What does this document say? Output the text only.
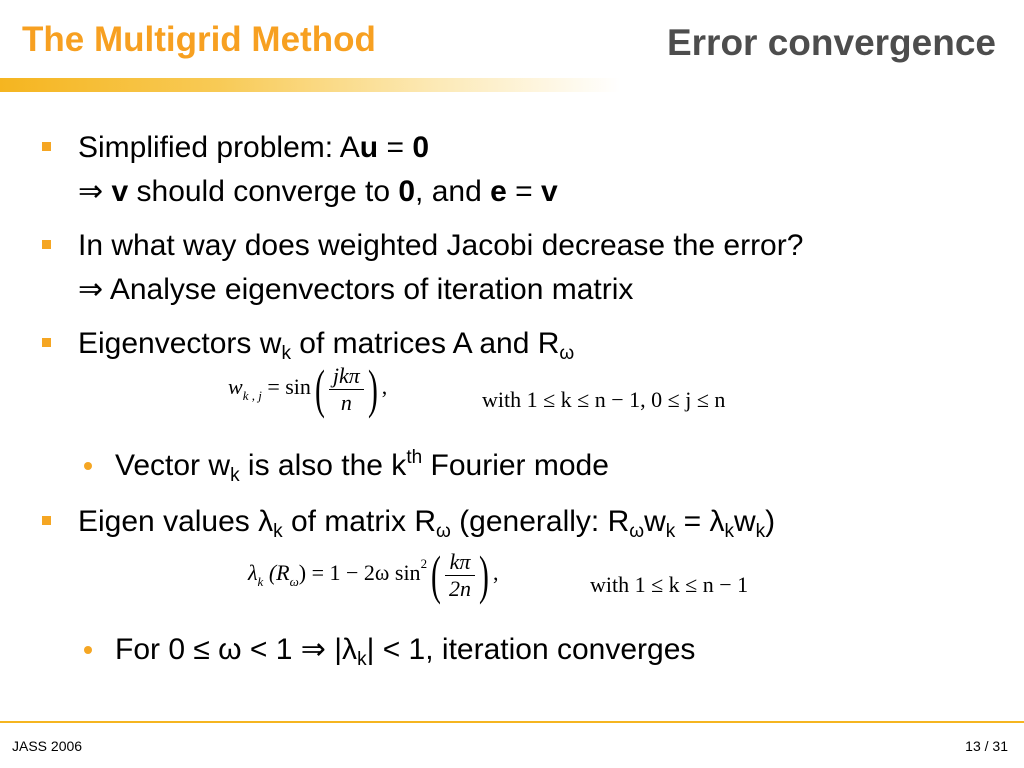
The Multigrid Method	Error convergence
Simplified problem: Au = 0
⇒ v should converge to 0, and e = v
In what way does weighted Jacobi decrease the error?
⇒ Analyse eigenvectors of iteration matrix
Eigenvectors $w_k$ of matrices A and $R_\omega$
$w_{k , j} = \sin( \frac{\text{jkπ}}{n}$ ) ,
with 1 ≤ k ≤ n − 1, 0 ≤ j ≤ n
Vector $w_k$ is also the $k^{th}$ Fourier mode
Eigen values $\lambda_k$ of matrix $R_\omega$ (generally: $R_\omega w_k = \lambda_kw_k$)
$\lambda_k$ $(R_\omega) = 1 - 2\omega$ $\sin^2( \frac{k\pi}{2n}$ ) ,	with 1 ≤ k ≤ n − 1
For 0 ≤ ω < 1 ⇒ $|\lambda_k| < 1$, iteration converges
JASS 2006	13 / 31
